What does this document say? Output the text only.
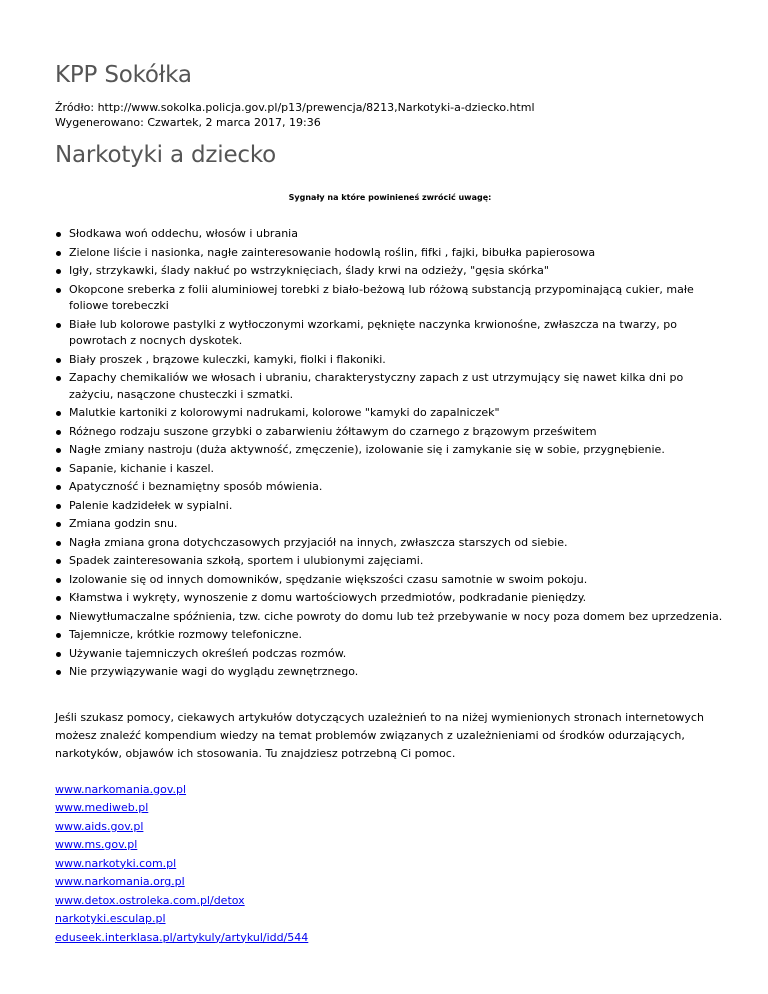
KPP Sokółka
Źródło: http://www.sokolka.policja.gov.pl/p13/prewencja/8213,Narkotyki-a-dziecko.html
Wygenerowano: Czwartek, 2 marca 2017, 19:36
Narkotyki a dziecko
Sygnały na które powinieneś zwrócić uwagę:
Słodkawa woń oddechu, włosów i ubrania
Zielone liście i nasionka, nagłe zainteresowanie hodowlą roślin, fifki , fajki, bibułka papierosowa
Igły, strzykawki, ślady nakłuć po wstrzyknięciach, ślady krwi na odzieży, "gęsia skórka"
Okopcone sreberka z folii aluminiowej torebki z biało-beżową lub różową substancją przypominającą cukier, małe foliowe torebeczki
Białe lub kolorowe pastylki z wytłoczonymi wzorkami, pęknięte naczynka krwionośne, zwłaszcza na twarzy, po powrotach z nocnych dyskotek.
Biały proszek , brązowe kuleczki, kamyki, fiolki i flakoniki.
Zapachy chemikaliów we włosach i ubraniu, charakterystyczny zapach z ust utrzymujący się nawet kilka dni po zażyciu, nasączone chusteczki i szmatki.
Malutkie kartoniki z kolorowymi nadrukami, kolorowe "kamyki do zapalniczek"
Różnego rodzaju suszone grzybki o zabarwieniu żółtawym do czarnego z brązowym prześwitem
Nagłe zmiany nastroju (duża aktywność, zmęczenie), izolowanie się i zamykanie się w sobie, przygnębienie.
Sapanie, kichanie i kaszel.
Apatyczność i beznamiętny sposób mówienia.
Palenie kadzidełek w sypialni.
Zmiana godzin snu.
Nagła zmiana grona dotychczasowych przyjaciół na innych, zwłaszcza starszych od siebie.
Spadek zainteresowania szkołą, sportem i ulubionymi zajęciami.
Izolowanie się od innych domowników, spędzanie większości czasu samotnie w swoim pokoju.
Kłamstwa i wykręty, wynoszenie z domu wartościowych przedmiotów, podkradanie pieniędzy.
Niewytłumaczalne spóźnienia, tzw. ciche powroty do domu lub też przebywanie w nocy poza domem bez uprzedzenia.
Tajemnicze, krótkie rozmowy telefoniczne.
Używanie tajemniczych określeń podczas rozmów.
Nie przywiązywanie wagi do wyglądu zewnętrznego.
Jeśli szukasz pomocy, ciekawych artykułów dotyczących uzależnień to na niżej wymienionych stronach internetowych możesz znaleźć kompendium wiedzy na temat problemów związanych z uzależnieniami od środków odurzających, narkotyków, objawów ich stosowania. Tu znajdziesz potrzebną Ci pomoc.
www.narkomania.gov.pl
www.mediweb.pl
www.aids.gov.pl
www.ms.gov.pl
www.narkotyki.com.pl
www.narkomania.org.pl
www.detox.ostroleka.com.pl/detox
narkotyki.esculap.pl
eduseek.interklasa.pl/artykuly/artykul/idd/544
